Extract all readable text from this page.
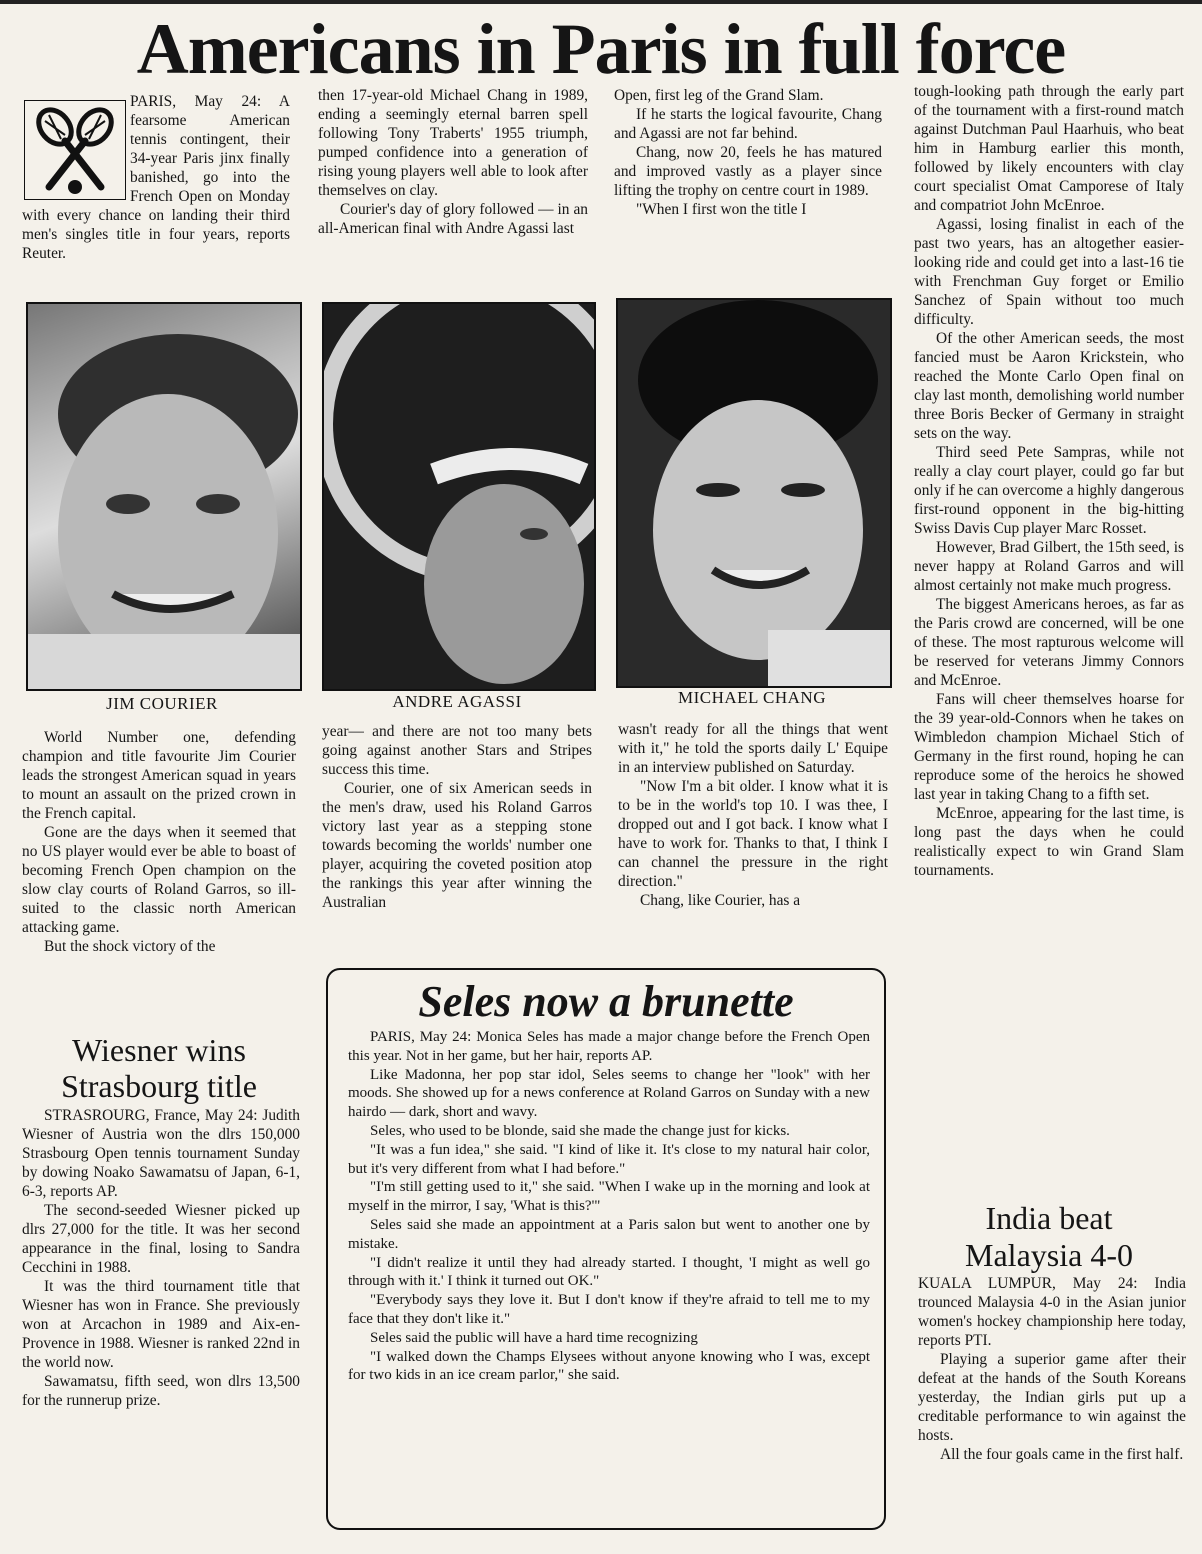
Americans in Paris in full force

PARIS, May 24: A fearsome American tennis contingent, their 34-year Paris jinx finally banished, go into the French Open on Monday with every chance on landing their third men's singles title in four years, reports Reuter.

then 17-year-old Michael Chang in 1989, ending a seemingly eternal barren spell following Tony Traberts' 1955 triumph, pumped confidence into a generation of rising young players well able to look after themselves on clay.

Courier's day of glory followed — in an all-American final with Andre Agassi last

Open, first leg of the Grand Slam.

If he starts the logical favourite, Chang and Agassi are not far behind.

Chang, now 20, feels he has matured and improved vastly as a player since lifting the trophy on centre court in 1989.

"When I first won the title I

JIM COURIER	ANDRE AGASSI	MICHAEL CHANG

World Number one, defending champion and title favourite Jim Courier leads the strongest American squad in years to mount an assault on the prized crown in the French capital.

Gone are the days when it seemed that no US player would ever be able to boast of becoming French Open champion on the slow clay courts of Roland Garros, so ill-suited to the classic north American attacking game.

But the shock victory of the

Wiesner wins
Strasbourg title

STRASROURG, France, May 24: Judith Wiesner of Austria won the dlrs 150,000 Strasbourg Open tennis tournament Sunday by dowing Noako Sawamatsu of Japan, 6-1, 6-3, reports AP.

The second-seeded Wiesner picked up dlrs 27,000 for the title. It was her second appearance in the final, losing to Sandra Cecchini in 1988.

It was the third tournament title that Wiesner has won in France. She previously won at Arcachon in 1989 and Aix-en-Provence in 1988. Wiesner is ranked 22nd in the world now.

Sawamatsu, fifth seed, won dlrs 13,500 for the runnerup prize.

year— and there are not too many bets going against another Stars and Stripes success this time.

Courier, one of six American seeds in the men's draw, used his Roland Garros victory last year as a stepping stone towards becoming the worlds' number one player, acquiring the coveted position atop the rankings this year after winning the Australian

wasn't ready for all the things that went with it," he told the sports daily L' Equipe in an interview published on Saturday.

"Now I'm a bit older. I know what it is to be in the world's top 10. I was thee, I dropped out and I got back. I know what I have to work for. Thanks to that, I think I can channel the pressure in the right direction."

Chang, like Courier, has a

tough-looking path through the early part of the tournament with a first-round match against Dutchman Paul Haarhuis, who beat him in Hamburg earlier this month, followed by likely encounters with clay court specialist Omat Camporese of Italy and compatriot John McEnroe.

Agassi, losing finalist in each of the past two years, has an altogether easier-looking ride and could get into a last-16 tie with Frenchman Guy forget or Emilio Sanchez of Spain without too much difficulty.

Of the other American seeds, the most fancied must be Aaron Krickstein, who reached the Monte Carlo Open final on clay last month, demolishing world number three Boris Becker of Germany in straight sets on the way.

Third seed Pete Sampras, while not really a clay court player, could go far but only if he can overcome a highly dangerous first-round opponent in the big-hitting Swiss Davis Cup player Marc Rosset.

However, Brad Gilbert, the 15th seed, is never happy at Roland Garros and will almost certainly not make much progress.

The biggest Americans heroes, as far as the Paris crowd are concerned, will be one of these. The most rapturous welcome will be reserved for veterans Jimmy Connors and McEnroe.

Fans will cheer themselves hoarse for the 39 year-old-Connors when he takes on Wimbledon champion Michael Stich of Germany in the first round, hoping he can reproduce some of the heroics he showed last year in taking Chang to a fifth set.

McEnroe, appearing for the last time, is long past the days when he could realistically expect to win Grand Slam tournaments.

India beat
Malaysia 4-0

KUALA LUMPUR, May 24: India trounced Malaysia 4-0 in the Asian junior women's hockey championship here today, reports PTI.

Playing a superior game after their defeat at the hands of the South Koreans yesterday, the Indian girls put up a creditable performance to win against the hosts.

All the four goals came in the first half.

Seles now a brunette

PARIS, May 24: Monica Seles has made a major change before the French Open this year. Not in her game, but her hair, reports AP.

Like Madonna, her pop star idol, Seles seems to change her "look" with her moods. She showed up for a news conference at Roland Garros on Sunday with a new hairdo — dark, short and wavy.

Seles, who used to be blonde, said she made the change just for kicks.

"It was a fun idea," she said. "I kind of like it. It's close to my natural hair color, but it's very different from what I had before."

"I'm still getting used to it," she said. "When I wake up in the morning and look at myself in the mirror, I say, 'What is this?'"

Seles said she made an appointment at a Paris salon but went to another one by mistake.

"I didn't realize it until they had already started. I thought, 'I might as well go through with it.' I think it turned out OK."

"Everybody says they love it. But I don't know if they're afraid to tell me to my face that they don't like it."

Seles said the public will have a hard time recognizing

"I walked down the Champs Elysees without anyone knowing who I was, except for two kids in an ice cream parlor," she said.
